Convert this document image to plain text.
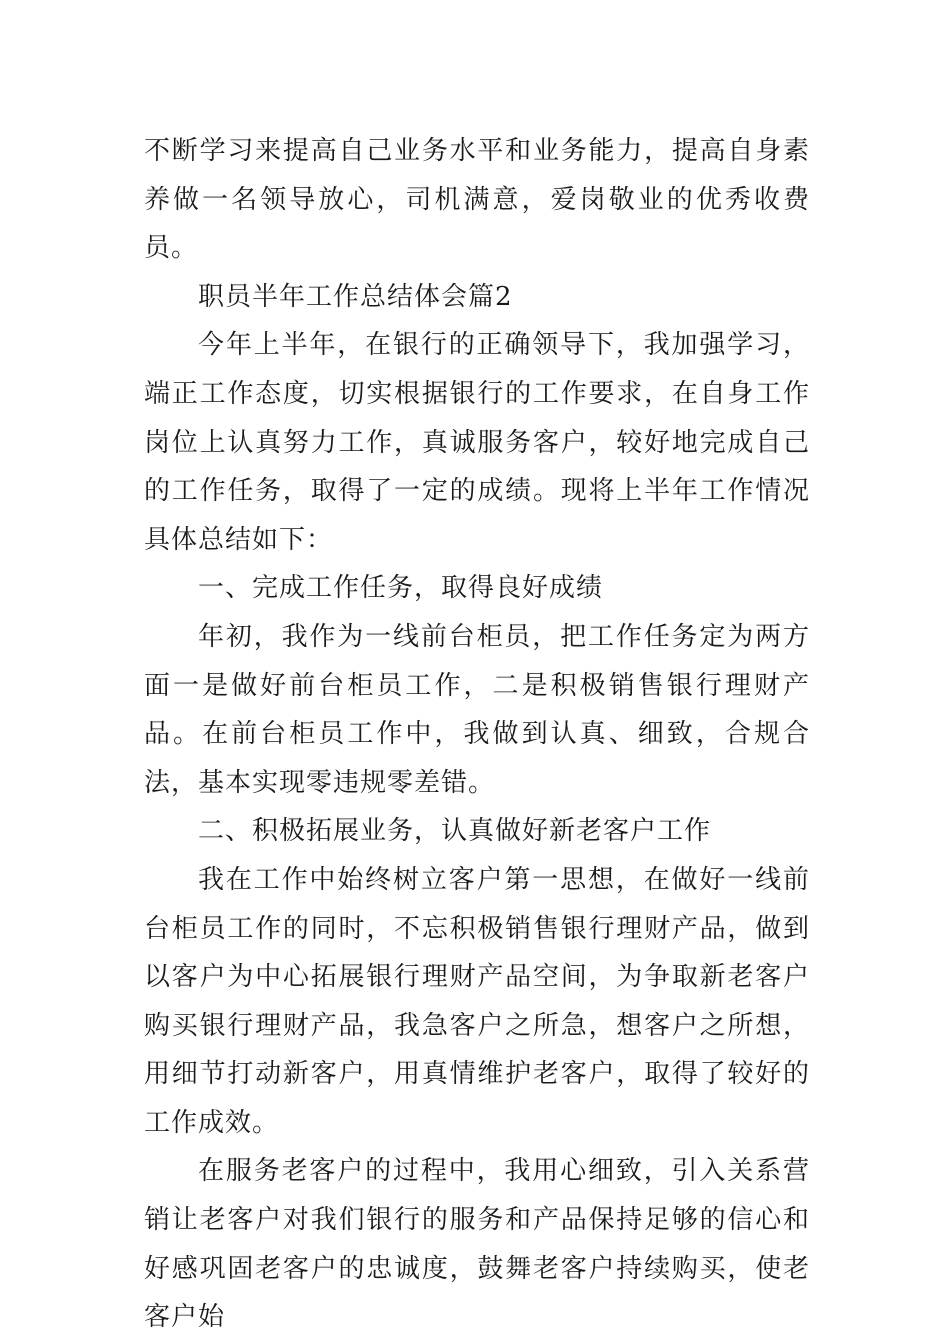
不断学习来提高自己业务水平和业务能力，提高自身素养做一名领导放心，司机满意，爱岗敬业的优秀收费员。

职员半年工作总结体会篇2

今年上半年，在银行的正确领导下，我加强学习，端正工作态度，切实根据银行的工作要求，在自身工作岗位上认真努力工作，真诚服务客户，较好地完成自己的工作任务，取得了一定的成绩。现将上半年工作情况具体总结如下：

一、完成工作任务，取得良好成绩

年初，我作为一线前台柜员，把工作任务定为两方面一是做好前台柜员工作，二是积极销售银行理财产品。在前台柜员工作中，我做到认真、细致，合规合法，基本实现零违规零差错。

二、积极拓展业务，认真做好新老客户工作

我在工作中始终树立客户第一思想，在做好一线前台柜员工作的同时，不忘积极销售银行理财产品，做到以客户为中心拓展银行理财产品空间，为争取新老客户购买银行理财产品，我急客户之所急，想客户之所想，用细节打动新客户，用真情维护老客户，取得了较好的工作成效。

在服务老客户的过程中，我用心细致，引入关系营销让老客户对我们银行的服务和产品保持足够的信心和好感巩固老客户的忠诚度，鼓舞老客户持续购买，使老客户始
